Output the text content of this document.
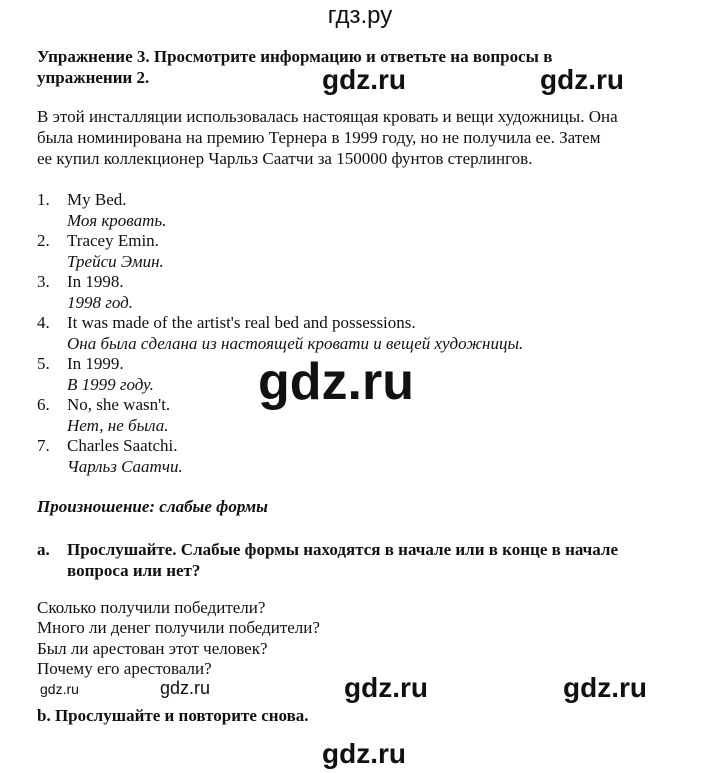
гдз.ру
Упражнение 3. Просмотрите информацию и ответьте на вопросы в
упражнении 2.	gdz.ru	gdz.ru
В этой инсталляции использовалась настоящая кровать и вещи художницы. Она
была номинирована на премию Тернера в 1999 году, но не получила ее. Затем
ее купил коллекционер Чарльз Саатчи за 150000 фунтов стерлингов.
1. My Bed.
Моя кровать.
2. Tracey Emin.
Трейси Эмин.
3. In 1998.
1998 год.
4. It was made of the artist's real bed and possessions.
Она была сделана из настоящей кровати и вещей художницы.
5. In 1999.
В 1999 году.
6. No, she wasn't.
Нет, не была.
7. Charles Saatchi.
Чарльз Саатчи.
gdz.ru
Произношение: слабые формы
a. Прослушайте. Слабые формы находятся в начале или в конце в начале
вопроса или нет?
Сколько получили победители?
Много ли денег получили победители?
Был ли арестован этот человек?
Почему его арестовали?
gdz.ru	gdz.ru	gdz.ru	gdz.ru
b. Прослушайте и повторите снова.
gdz.ru
